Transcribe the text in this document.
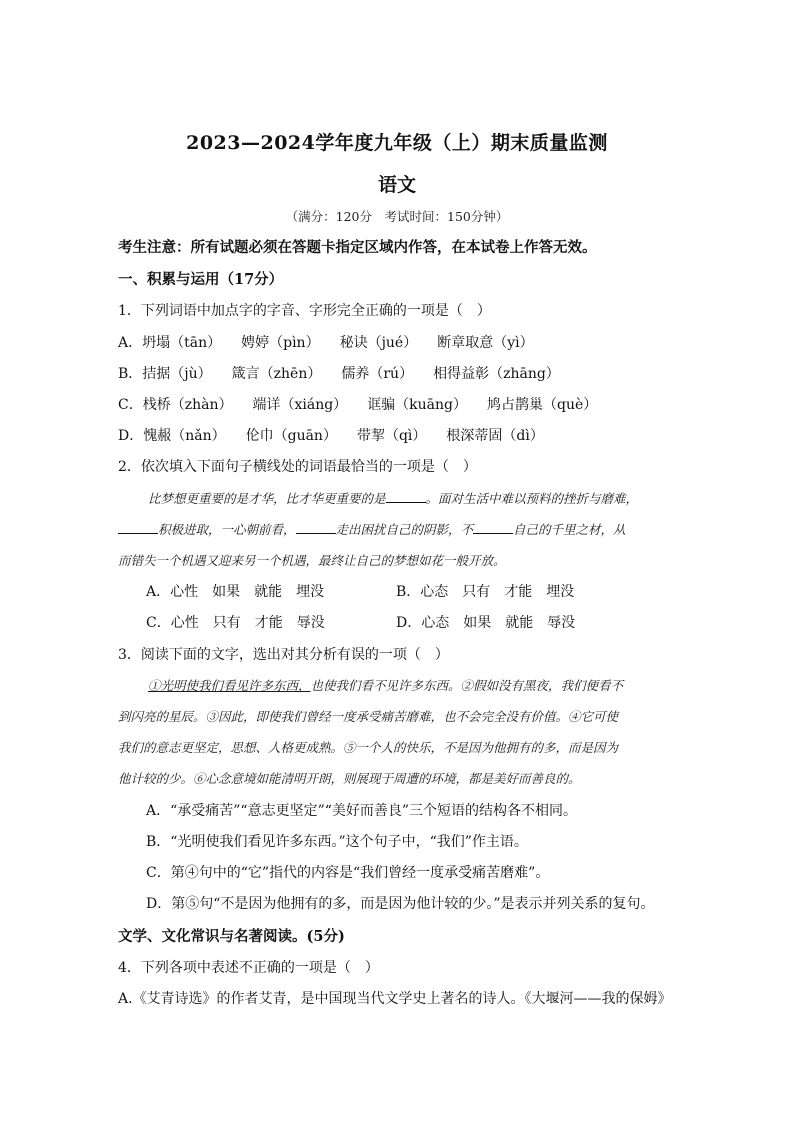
2023—2024学年度九年级（上）期末质量监测
语文
（满分：120分　考试时间：150分钟）
考生注意：所有试题必须在答题卡指定区域内作答，在本试卷上作答无效。
一、积累与运用（17分）
1．下列词语中加点字的字音、字形完全正确的一项是（　）
A．坍塌（tān） 娉婷（pìn） 秘诀（jué） 断章取意（yì）
B．拮据（jù） 箴言（zhēn） 儒养（rú） 相得益彰（zhāng）
C．栈桥（zhàn） 端详（xiáng） 诓骗（kuāng） 鸠占鹊巢（què）
D．愧赧（nǎn） 伦巾（guān） 带挈（qì） 根深蒂固（dì）
2．依次填入下面句子横线处的词语最恰当的一项是（　）

比梦想更重要的是才华，比才华更重要的是	。面对生活中难以预料的挫折与磨难，

积极进取，一心朝前看，	走出困扰自己的阴影，不	自己的千里之材，从

而错失一个机遇又迎来另一个机遇，最终让自己的梦想如花一般开放。

A．心性　如果　就能　埋没	B．心态　只有　才能　埋没
C．心性　只有　才能　辱没	D．心态　如果　就能　辱没
3．阅读下面的文字，选出对其分析有误的一项（　）

①光明使我们看见许多东西，也使我们看不见许多东西。②假如没有黑夜，我们便看不

到闪亮的星辰。③因此，即使我们曾经一度承受痛苦磨难，也不会完全没有价值。④它可使

我们的意志更坚定，思想、人格更成熟。⑤一个人的快乐，不是因为他拥有的多，而是因为

他计较的少。⑥心念意境如能清明开朗，则展现于周遭的环境，都是美好而善良的。

A．“承受痛苦”“意志更坚定”“美好而善良”三个短语的结构各不相同。
B．“光明使我们看见许多东西。”这个句子中，“我们”作主语。
C．第④句中的“它”指代的内容是“我们曾经一度承受痛苦磨难”。
D．第⑤句“不是因为他拥有的多，而是因为他计较的少。”是表示并列关系的复句。
文学、文化常识与名著阅读。(5分)
4．下列各项中表述不正确的一项是（　）
A.《艾青诗选》的作者艾青，是中国现当代文学史上著名的诗人。《大堰河——我的保姆》
